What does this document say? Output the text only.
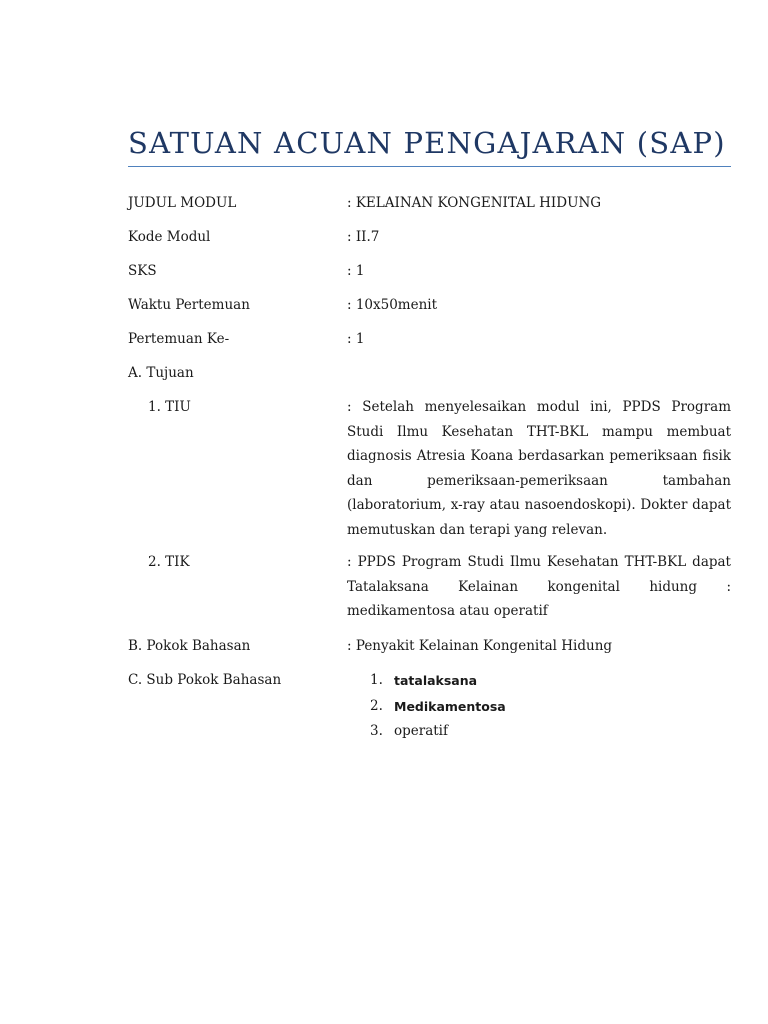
SATUAN ACUAN PENGAJARAN (SAP)
JUDUL MODUL	: KELAINAN KONGENITAL HIDUNG
Kode Modul	: II.7
SKS	: 1
Waktu Pertemuan	: 10x50menit
Pertemuan Ke-	: 1
A. Tujuan
1. TIU	: Setelah menyelesaikan modul ini, PPDS Program Studi Ilmu Kesehatan THT-BKL mampu membuat diagnosis Atresia Koana berdasarkan pemeriksaan fisik dan pemeriksaan-pemeriksaan tambahan (laboratorium, x-ray atau nasoendoskopi). Dokter dapat memutuskan dan terapi yang relevan.
2. TIK	: PPDS Program Studi Ilmu Kesehatan THT-BKL dapat Tatalaksana Kelainan kongenital hidung : medikamentosa atau operatif
B. Pokok Bahasan	: Penyakit Kelainan Kongenital Hidung
C. Sub Pokok Bahasan	1. tatalaksana
2. Medikamentosa
3. operatif
